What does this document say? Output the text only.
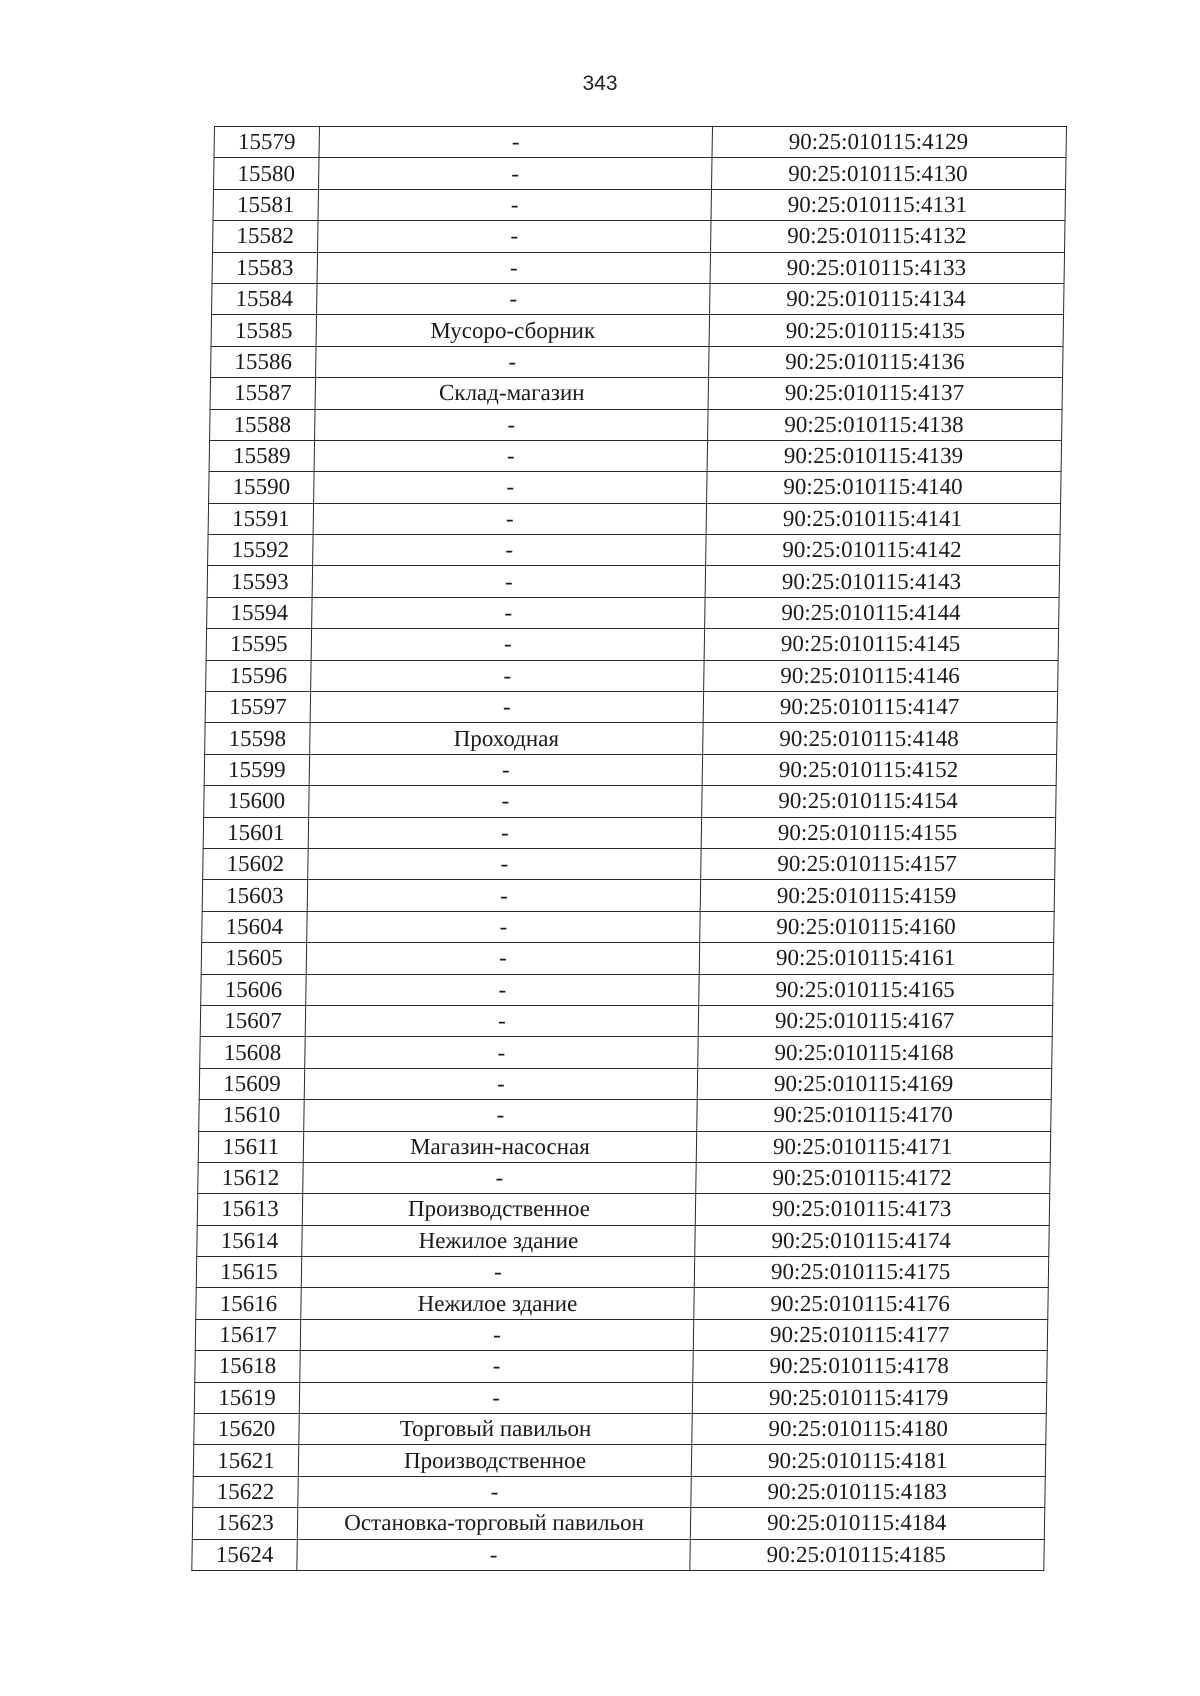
343
15579	-	90:25:010115:4129
15580	-	90:25:010115:4130
15581	-	90:25:010115:4131
15582	-	90:25:010115:4132
15583	-	90:25:010115:4133
15584	-	90:25:010115:4134
15585	Мусоро-сборник	90:25:010115:4135
15586	-	90:25:010115:4136
15587	Склад-магазин	90:25:010115:4137
15588	-	90:25:010115:4138
15589	-	90:25:010115:4139
15590	-	90:25:010115:4140
15591	-	90:25:010115:4141
15592	-	90:25:010115:4142
15593	-	90:25:010115:4143
15594	-	90:25:010115:4144
15595	-	90:25:010115:4145
15596	-	90:25:010115:4146
15597	-	90:25:010115:4147
15598	Проходная	90:25:010115:4148
15599	-	90:25:010115:4152
15600	-	90:25:010115:4154
15601	-	90:25:010115:4155
15602	-	90:25:010115:4157
15603	-	90:25:010115:4159
15604	-	90:25:010115:4160
15605	-	90:25:010115:4161
15606	-	90:25:010115:4165
15607	-	90:25:010115:4167
15608	-	90:25:010115:4168
15609	-	90:25:010115:4169
15610	-	90:25:010115:4170
15611	Магазин-насосная	90:25:010115:4171
15612	-	90:25:010115:4172
15613	Производственное	90:25:010115:4173
15614	Нежилое здание	90:25:010115:4174
15615	-	90:25:010115:4175
15616	Нежилое здание	90:25:010115:4176
15617	-	90:25:010115:4177
15618	-	90:25:010115:4178
15619	-	90:25:010115:4179
15620	Торговый павильон	90:25:010115:4180
15621	Производственное	90:25:010115:4181
15622	-	90:25:010115:4183
15623	Остановка-торговый павильон	90:25:010115:4184
15624	-	90:25:010115:4185
